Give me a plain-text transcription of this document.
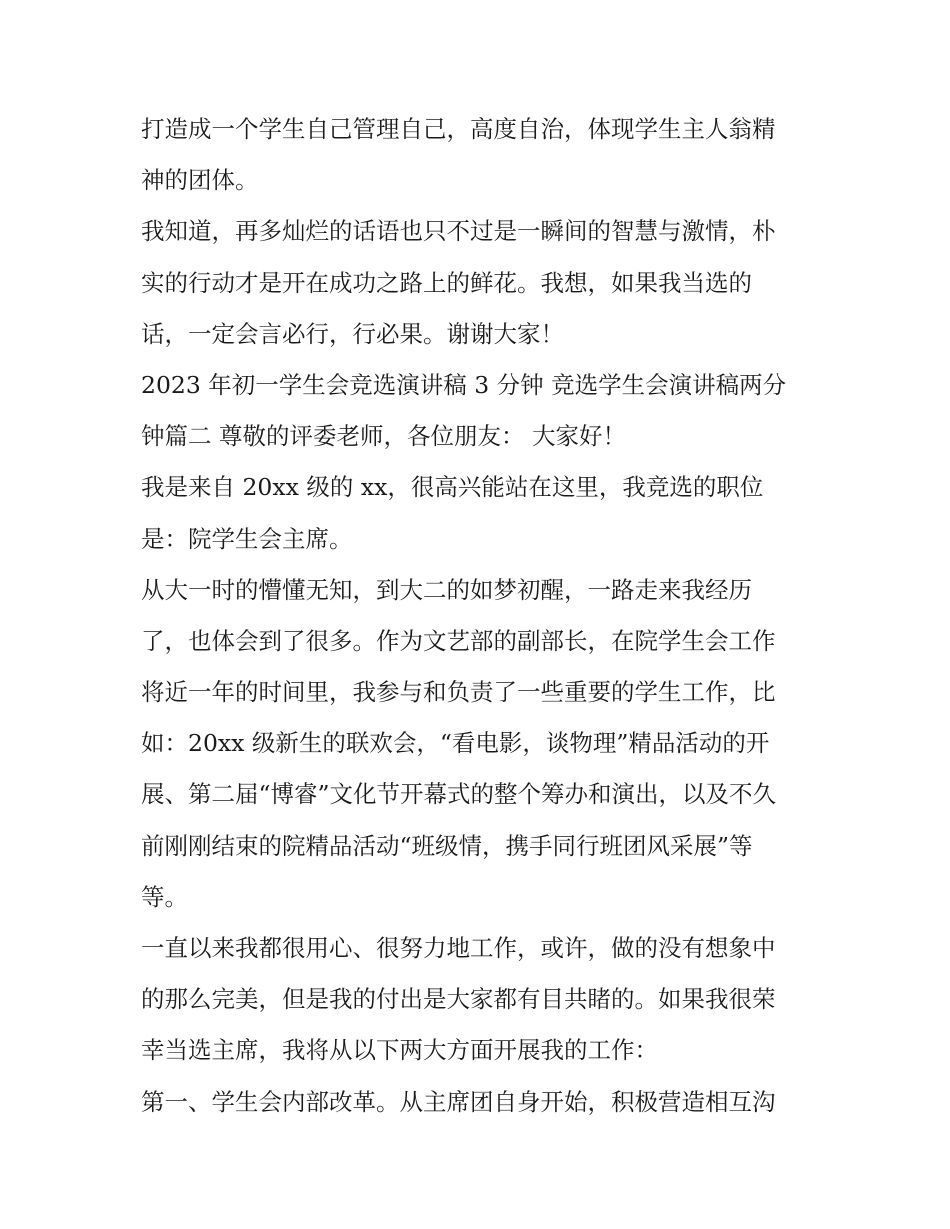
打造成一个学生自己管理自己，高度自治，体现学生主人翁精
神的团体。
我知道，再多灿烂的话语也只不过是一瞬间的智慧与激情，朴
实的行动才是开在成功之路上的鲜花。我想，如果我当选的
话，一定会言必行，行必果。谢谢大家！
2023 年初一学生会竞选演讲稿 3 分钟 竞选学生会演讲稿两分
钟篇二 尊敬的评委老师，各位朋友： 大家好！
我是来自 20xx 级的 xx，很高兴能站在这里，我竞选的职位
是：院学生会主席。
从大一时的懵懂无知，到大二的如梦初醒，一路走来我经历
了，也体会到了很多。作为文艺部的副部长，在院学生会工作
将近一年的时间里，我参与和负责了一些重要的学生工作，比
如：20xx 级新生的联欢会，“看电影，谈物理”精品活动的开
展、第二届“博睿”文化节开幕式的整个筹办和演出，以及不久
前刚刚结束的院精品活动“班级情，携手同行班团风采展”等
等。
一直以来我都很用心、很努力地工作，或许，做的没有想象中
的那么完美，但是我的付出是大家都有目共睹的。如果我很荣
幸当选主席，我将从以下两大方面开展我的工作：
第一、学生会内部改革。从主席团自身开始，积极营造相互沟
